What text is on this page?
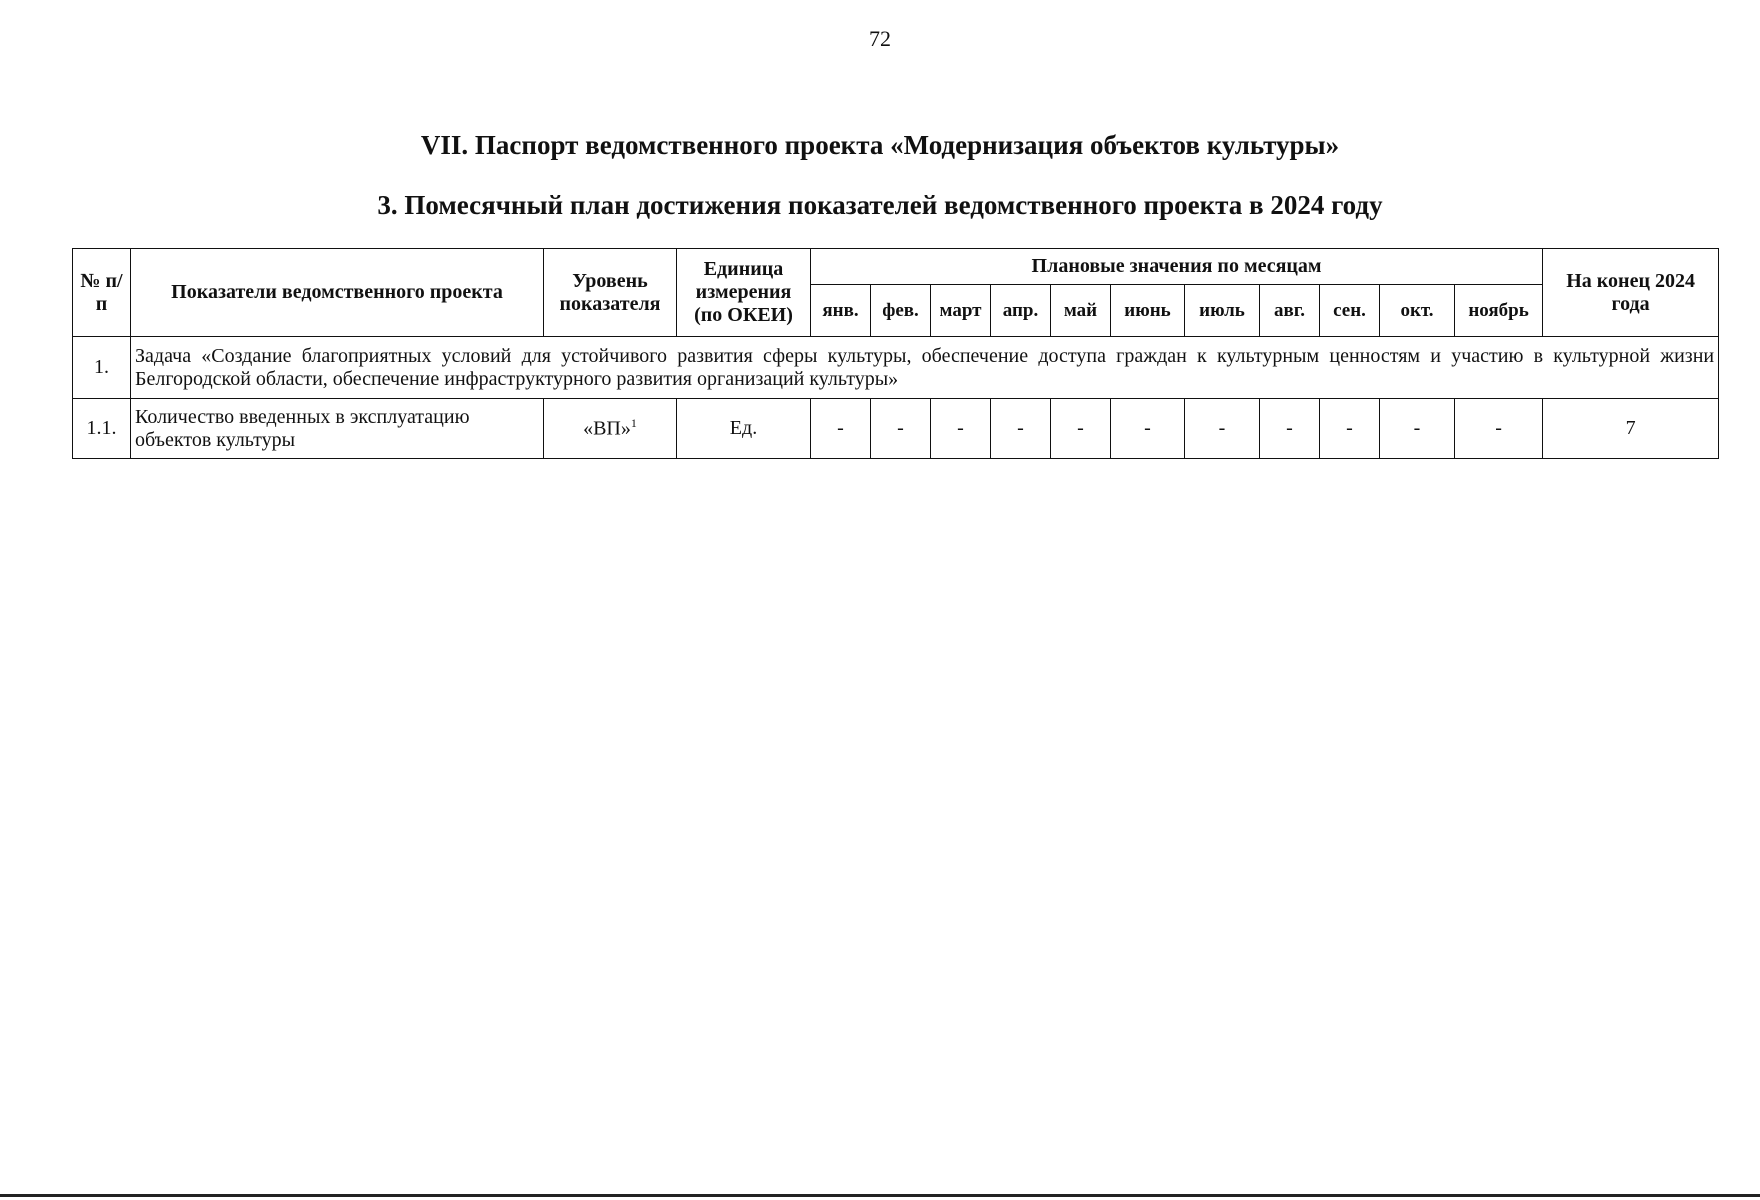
72
VII. Паспорт ведомственного проекта «Модернизация объектов культуры»
3. Помесячный план достижения показателей ведомственного проекта в 2024 году
№ п/п	Показатели ведомственного проекта	Уровень показателя	Единица измерения (по ОКЕИ)	Плановые значения по месяцам											На конец 2024 года
				янв.	фев.	март	апр.	май	июнь	июль	авг.	сен.	окт.	ноябрь	
1.	Задача «Создание благоприятных условий для устойчивого развития сферы культуры, обеспечение доступа граждан к культурным ценностям и участию в культурной жизни Белгородской области, обеспечение инфраструктурного развития организаций культуры»														
1.1.	Количество введенных в эксплуатацию объектов культуры	«ВП»$^1$	Ед.	-	-	-	-	-	-	-	-	-	-	-	7
